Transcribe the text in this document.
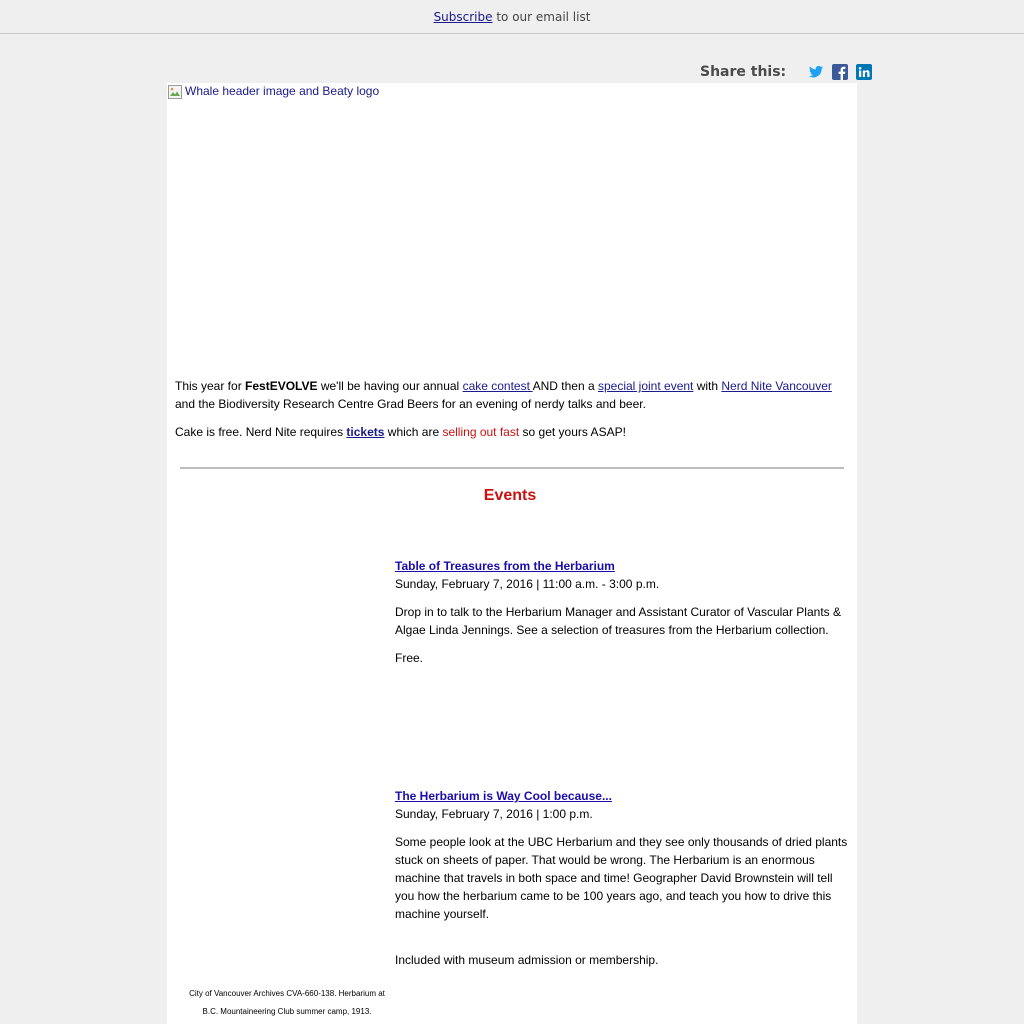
Subscribe to our email list
Share this:
Whale header image and Beaty logo

This year for FestEVOLVE we'll be having our annual cake contest AND then a special joint event with Nerd Nite Vancouver and the Biodiversity Research Centre Grad Beers for an evening of nerdy talks and beer.

Cake is free. Nerd Nite requires tickets which are selling out fast so get yours ASAP!

Events
Table of Treasures from the Herbarium

Sunday, February 7, 2016 | 11:00 a.m. - 3:00 p.m.

Drop in to talk to the Herbarium Manager and Assistant Curator of Vascular Plants & Algae Linda Jennings. See a selection of treasures from the Herbarium collection.

Free.

The Herbarium is Way Cool because...

Sunday, February 7, 2016 | 1:00 p.m.

Some people look at the UBC Herbarium and they see only thousands of dried plants stuck on sheets of paper. That would be wrong. The Herbarium is an enormous machine that travels in both space and time! Geographer David Brownstein will tell you how the herbarium came to be 100 years ago, and teach you how to drive this machine yourself.

Included with museum admission or membership.

City of Vancouver Archives CVA-660-138. Herbarium at B.C. Mountaineering Club summer camp, 1913.
